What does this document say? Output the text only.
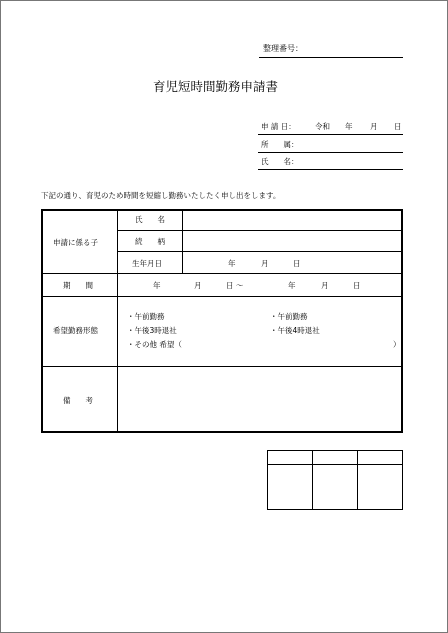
整理番号：
育児短時間勤務申請書
申 請 日：	令和 年 月 日
所　　属：
氏　　名：
下記の通り、育児のため時間を短縮し勤務いたしたく申し出をします。
申請に係る子
氏　　名
続　　柄
生年月日	年	月	日
期　　間	年	月	日 〜	年	月	日
希望勤務形態
・午前勤務	・午前勤務
・午後3時退社	・午後4時退社
・その他 希望（	）
備　　考
